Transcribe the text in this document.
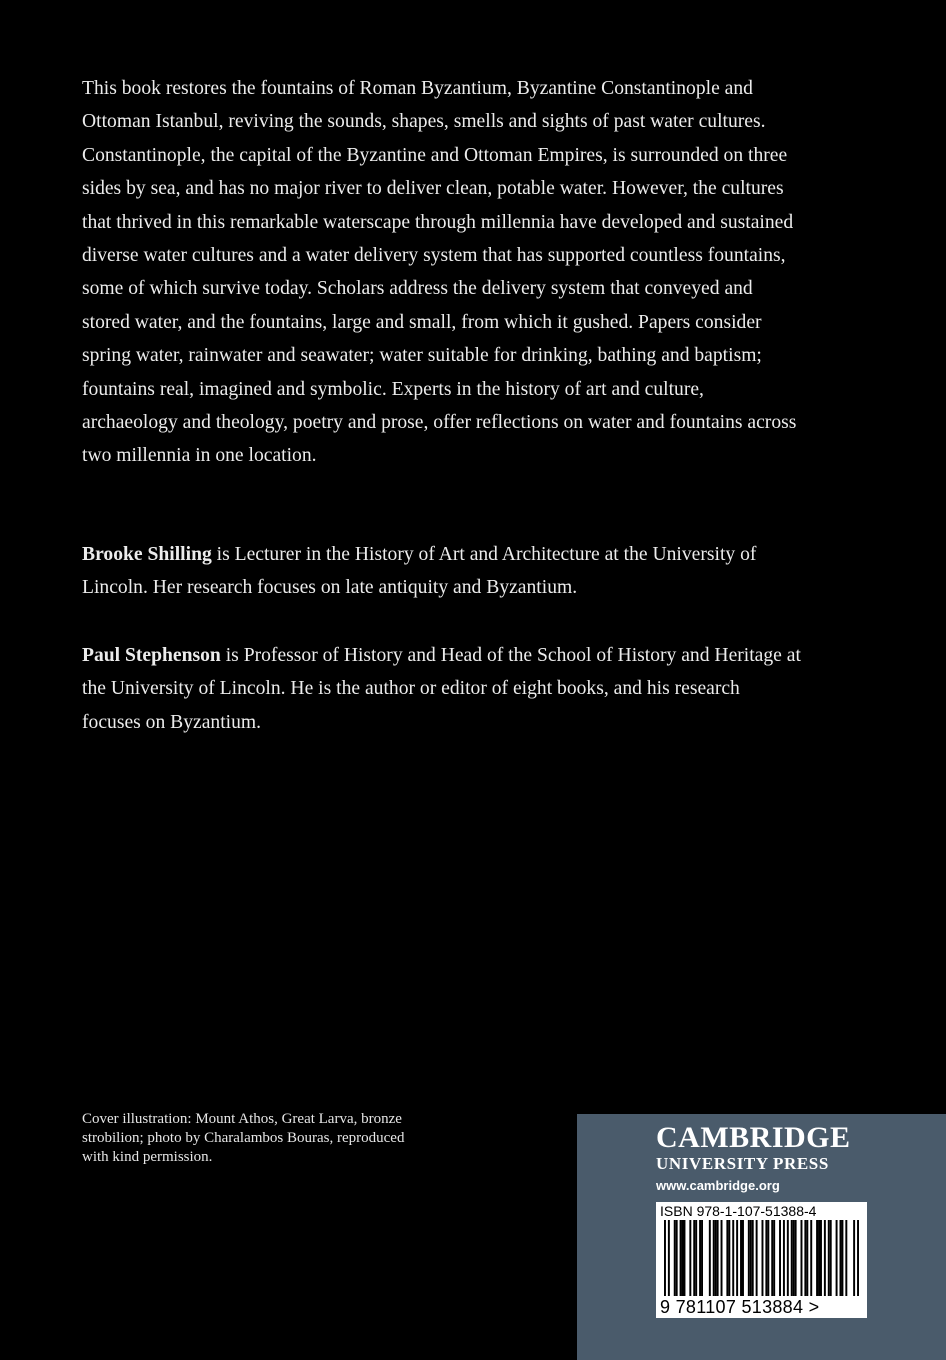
This book restores the fountains of Roman Byzantium, Byzantine Constantinople and Ottoman Istanbul, reviving the sounds, shapes, smells and sights of past water cultures. Constantinople, the capital of the Byzantine and Ottoman Empires, is surrounded on three sides by sea, and has no major river to deliver clean, potable water. However, the cultures that thrived in this remarkable waterscape through millennia have developed and sustained diverse water cultures and a water delivery system that has supported countless fountains, some of which survive today. Scholars address the delivery system that conveyed and stored water, and the fountains, large and small, from which it gushed. Papers consider spring water, rainwater and seawater; water suitable for drinking, bathing and baptism; fountains real, imagined and symbolic. Experts in the history of art and culture, archaeology and theology, poetry and prose, offer reflections on water and fountains across two millennia in one location.

Brooke Shilling is Lecturer in the History of Art and Architecture at the University of Lincoln. Her research focuses on late antiquity and Byzantium.

Paul Stephenson is Professor of History and Head of the School of History and Heritage at the University of Lincoln. He is the author or editor of eight books, and his research focuses on Byzantium.

Cover illustration: Mount Athos, Great Larva, bronze strobilion; photo by Charalambos Bouras, reproduced with kind permission.

CAMBRIDGE
UNIVERSITY PRESS
www.cambridge.org
ISBN 978-1-107-51388-4
9 781107 513884 >
